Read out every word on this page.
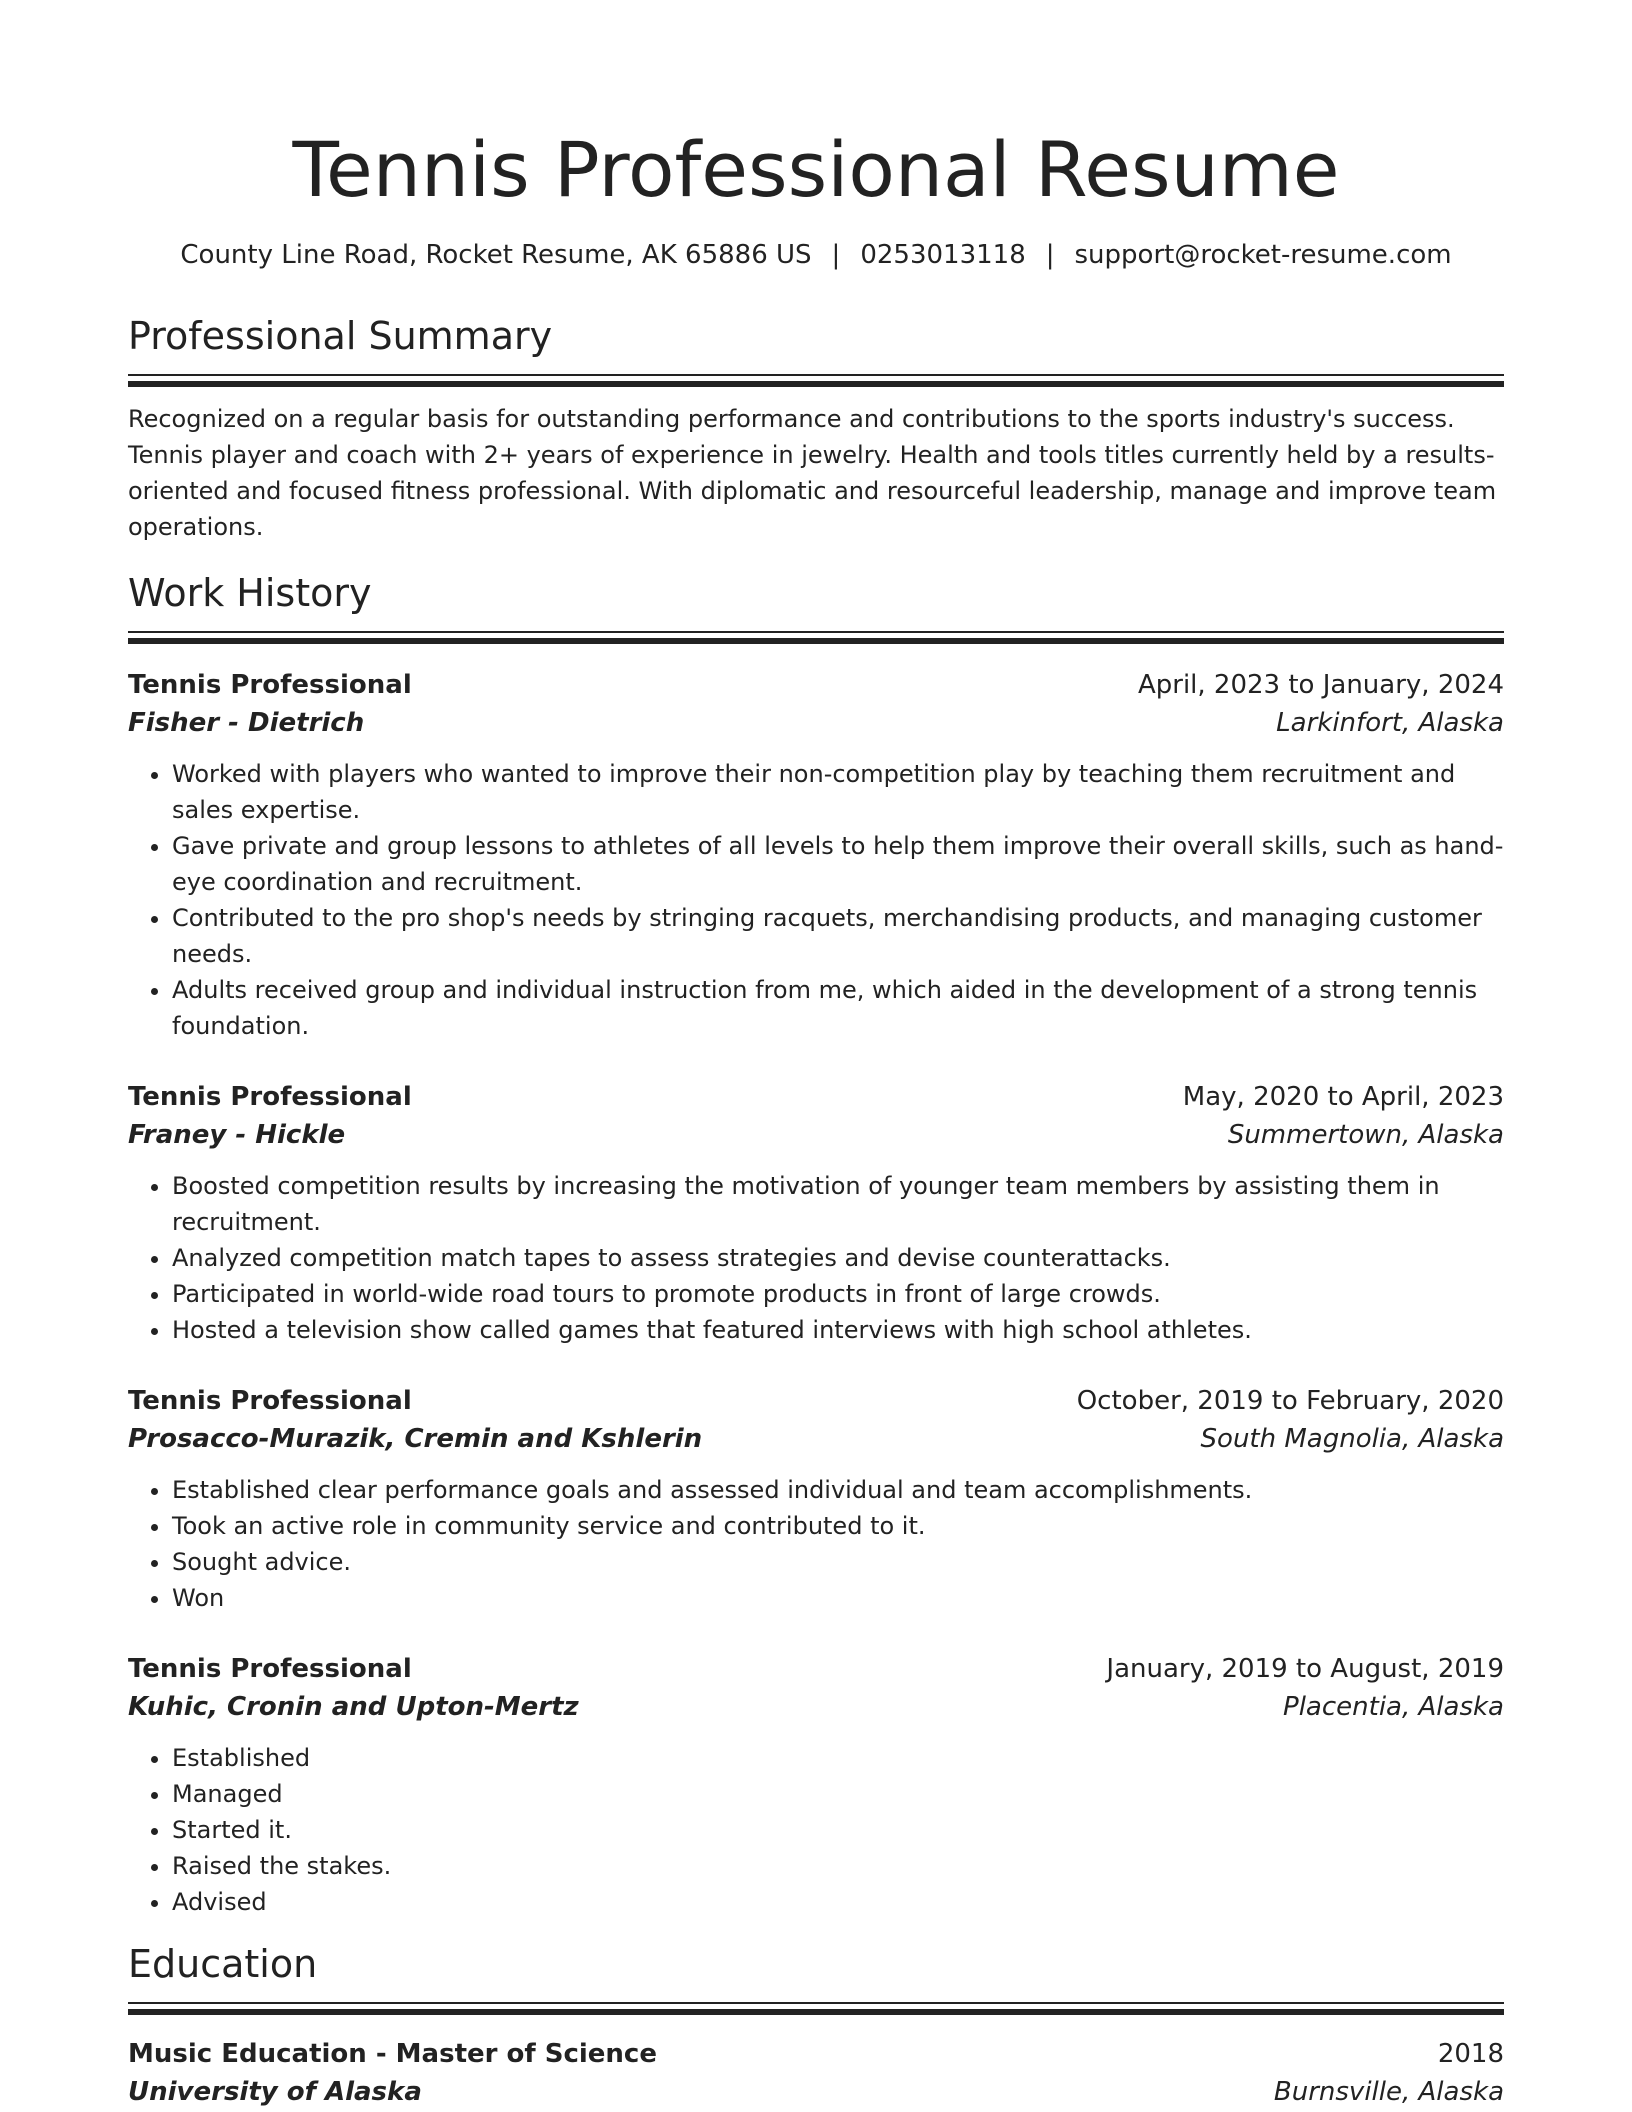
Tennis Professional Resume
County Line Road, Rocket Resume, AK 65886 US | 0253013118 | support@rocket-resume.com
Professional Summary

Recognized on a regular basis for outstanding performance and contributions to the sports industry's success. Tennis player and coach with 2+ years of experience in jewelry. Health and tools titles currently held by a results-oriented and focused fitness professional. With diplomatic and resourceful leadership, manage and improve team operations.

Work History
Tennis Professional	April, 2023 to January, 2024
Fisher - Dietrich	Larkinfort, Alaska
• Worked with players who wanted to improve their non-competition play by teaching them recruitment and sales expertise.
• Gave private and group lessons to athletes of all levels to help them improve their overall skills, such as hand-eye coordination and recruitment.
• Contributed to the pro shop's needs by stringing racquets, merchandising products, and managing customer needs.
• Adults received group and individual instruction from me, which aided in the development of a strong tennis foundation.
Tennis Professional	May, 2020 to April, 2023
Franey - Hickle	Summertown, Alaska
• Boosted competition results by increasing the motivation of younger team members by assisting them in recruitment.
• Analyzed competition match tapes to assess strategies and devise counterattacks.
• Participated in world-wide road tours to promote products in front of large crowds.
• Hosted a television show called games that featured interviews with high school athletes.
Tennis Professional	October, 2019 to February, 2020
Prosacco-Murazik, Cremin and Kshlerin	South Magnolia, Alaska
• Established clear performance goals and assessed individual and team accomplishments.
• Took an active role in community service and contributed to it.
• Sought advice.
• Won
Tennis Professional	January, 2019 to August, 2019
Kuhic, Cronin and Upton-Mertz	Placentia, Alaska
• Established
• Managed
• Started it.
• Raised the stakes.
• Advised
Education
Music Education - Master of Science	2018
University of Alaska	Burnsville, Alaska
